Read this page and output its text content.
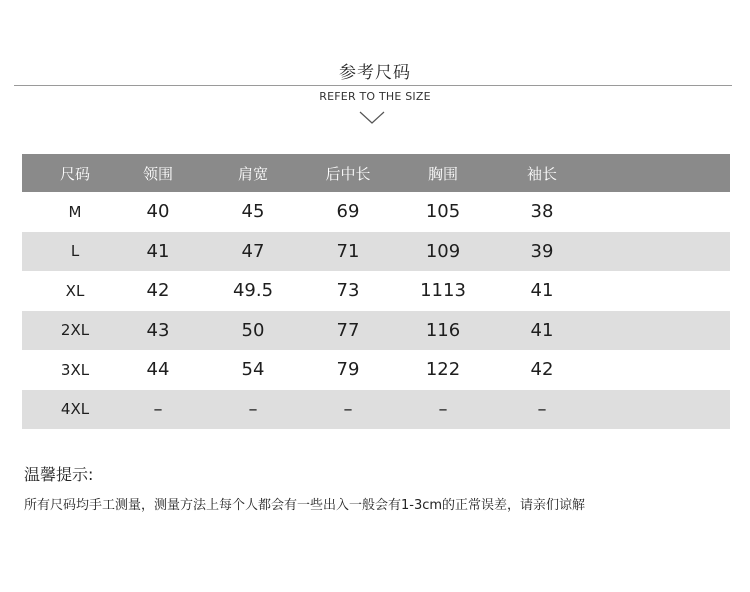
参考尺码
REFER TO THE SIZE
尺码	领围	肩宽	后中长	胸围	袖长
M	40	45	69	105	38
L	41	47	71	109	39
XL	42	49.5	73	1113	41
2XL	43	50	77	116	41
3XL	44	54	79	122	42
4XL	–	–	–	–	–
温馨提示:
所有尺码均手工测量，测量方法上每个人都会有一些出入一般会有1-3cm的正常误差，请亲们谅解
